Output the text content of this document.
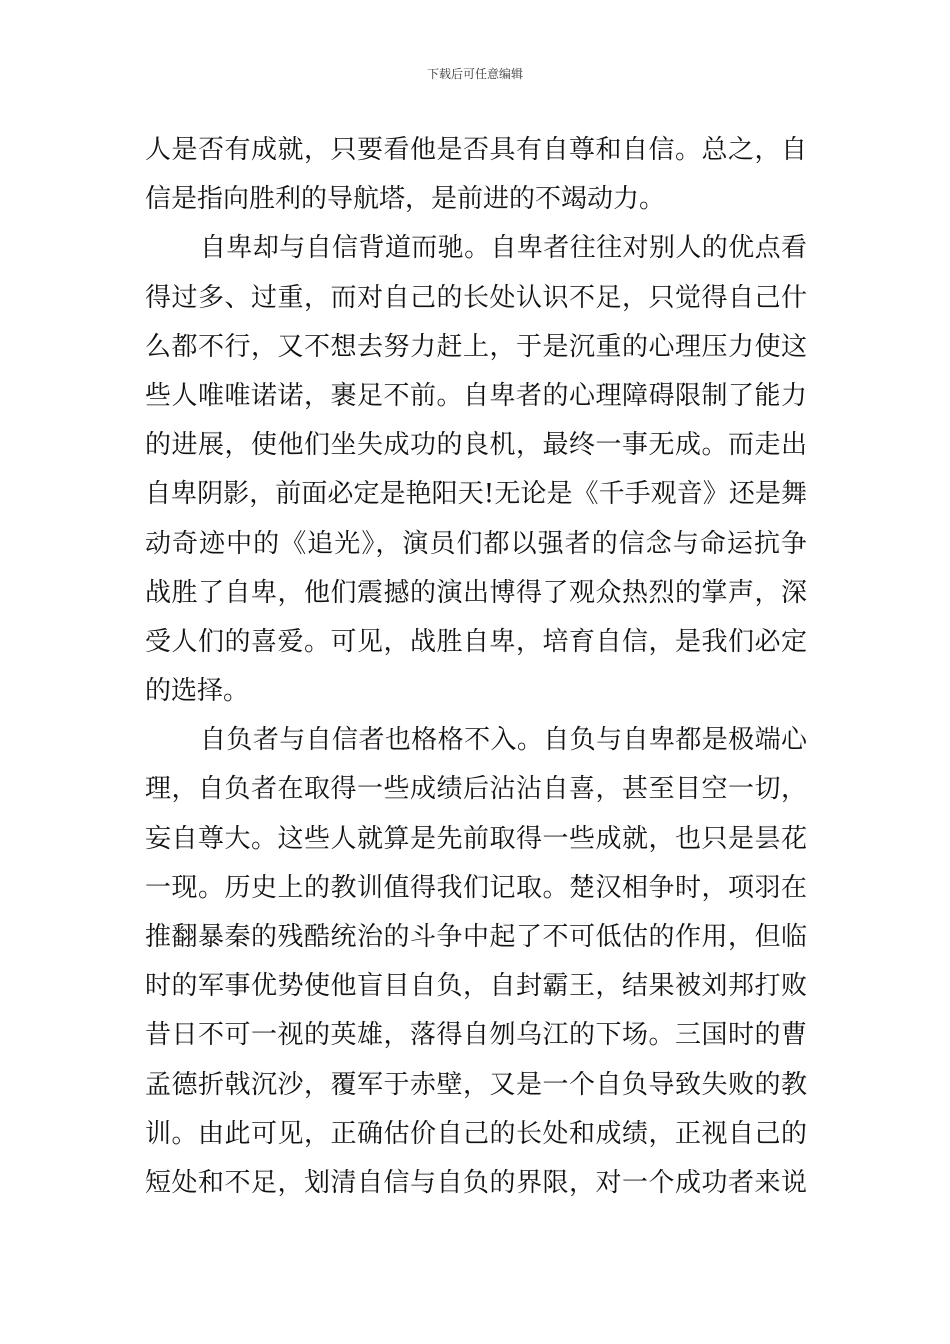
下载后可任意编辑
人是否有成就，只要看他是否具有自尊和自信。总之，自
信是指向胜利的导航塔，是前进的不竭动力。
自卑却与自信背道而驰。自卑者往往对别人的优点看
得过多、过重，而对自己的长处认识不足，只觉得自己什
么都不行，又不想去努力赶上，于是沉重的心理压力使这
些人唯唯诺诺，裹足不前。自卑者的心理障碍限制了能力
的进展，使他们坐失成功的良机，最终一事无成。而走出
自卑阴影，前面必定是艳阳天!无论是《千手观音》还是舞
动奇迹中的《追光》，演员们都以强者的信念与命运抗争
战胜了自卑，他们震撼的演出博得了观众热烈的掌声，深
受人们的喜爱。可见，战胜自卑，培育自信，是我们必定
的选择。
自负者与自信者也格格不入。自负与自卑都是极端心
理，自负者在取得一些成绩后沾沾自喜，甚至目空一切，
妄自尊大。这些人就算是先前取得一些成就，也只是昙花
一现。历史上的教训值得我们记取。楚汉相争时，项羽在
推翻暴秦的残酷统治的斗争中起了不可低估的作用，但临
时的军事优势使他盲目自负，自封霸王，结果被刘邦打败
昔日不可一视的英雄，落得自刎乌江的下场。三国时的曹
孟德折戟沉沙，覆军于赤壁，又是一个自负导致失败的教
训。由此可见，正确估价自己的长处和成绩，正视自己的
短处和不足，划清自信与自负的界限，对一个成功者来说
